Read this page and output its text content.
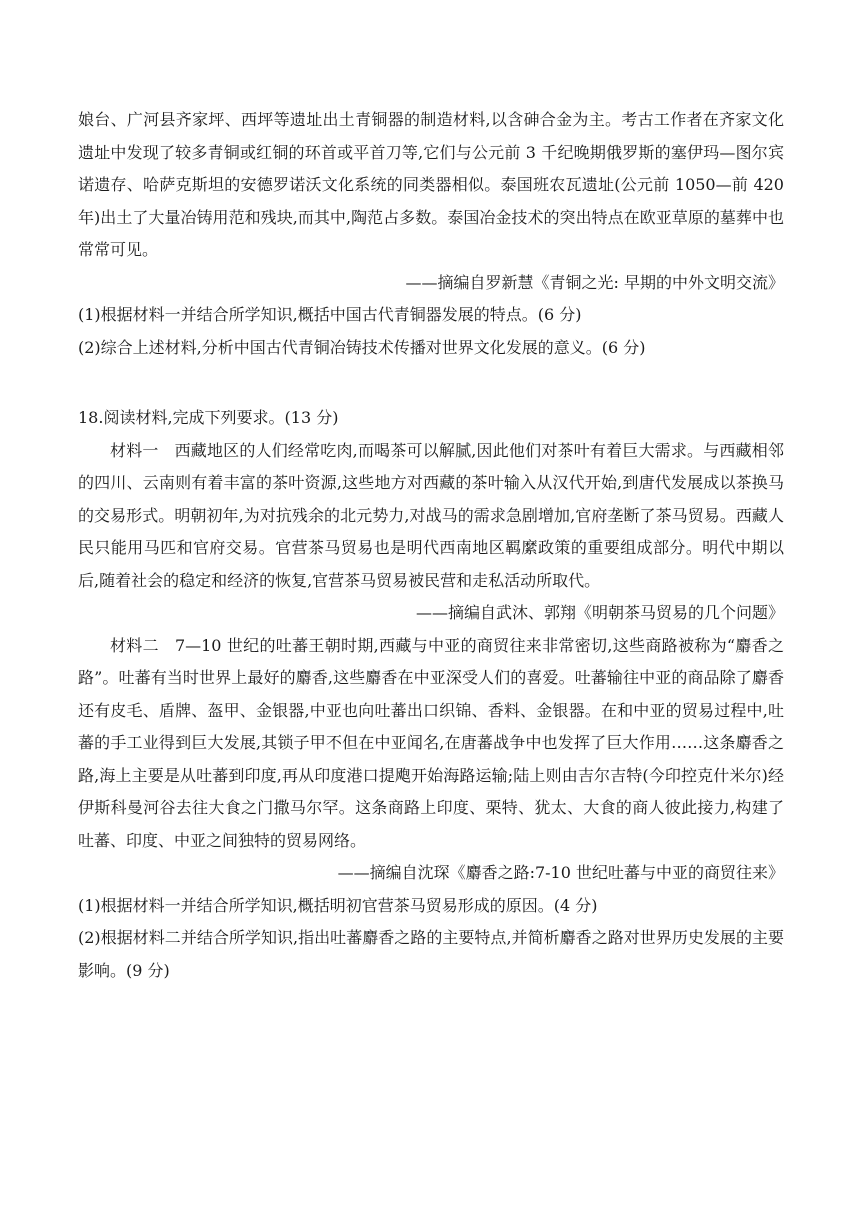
娘台、广河县齐家坪、西坪等遗址出土青铜器的制造材料,以含砷合金为主。考古工作者在齐家文化遗址中发现了较多青铜或红铜的环首或平首刀等,它们与公元前 3 千纪晚期俄罗斯的塞伊玛—图尔宾诺遗存、哈萨克斯坦的安德罗诺沃文化系统的同类器相似。泰国班农瓦遗址(公元前 1050—前 420 年)出土了大量冶铸用范和残块,而其中,陶范占多数。泰国冶金技术的突出特点在欧亚草原的墓葬中也常常可见。

——摘编自罗新慧《青铜之光: 早期的中外文明交流》

(1)根据材料一并结合所学知识,概括中国古代青铜器发展的特点。(6 分)

(2)综合上述材料,分析中国古代青铜冶铸技术传播对世界文化发展的意义。(6 分)

18.阅读材料,完成下列要求。(13 分)

材料一 西藏地区的人们经常吃肉,而喝茶可以解腻,因此他们对茶叶有着巨大需求。与西藏相邻的四川、云南则有着丰富的茶叶资源,这些地方对西藏的茶叶输入从汉代开始,到唐代发展成以茶换马的交易形式。明朝初年,为对抗残余的北元势力,对战马的需求急剧增加,官府垄断了茶马贸易。西藏人民只能用马匹和官府交易。官营茶马贸易也是明代西南地区羁縻政策的重要组成部分。明代中期以后,随着社会的稳定和经济的恢复,官营茶马贸易被民营和走私活动所取代。

——摘编自武沐、郭翔《明朝茶马贸易的几个问题》

材料二 7—10 世纪的吐蕃王朝时期,西藏与中亚的商贸往来非常密切,这些商路被称为“麝香之路”。吐蕃有当时世界上最好的麝香,这些麝香在中亚深受人们的喜爱。吐蕃输往中亚的商品除了麝香还有皮毛、盾牌、盔甲、金银器,中亚也向吐蕃出口织锦、香料、金银器。在和中亚的贸易过程中,吐蕃的手工业得到巨大发展,其锁子甲不但在中亚闻名,在唐蕃战争中也发挥了巨大作用……这条麝香之路,海上主要是从吐蕃到印度,再从印度港口提飑开始海路运输;陆上则由吉尔吉特(今印控克什米尔)经伊斯科曼河谷去往大食之门撒马尔罕。这条商路上印度、栗特、犹太、大食的商人彼此接力,构建了吐蕃、印度、中亚之间独特的贸易网络。

——摘编自沈琛《麝香之路:7-10 世纪吐蕃与中亚的商贸往来》

(1)根据材料一并结合所学知识,概括明初官营茶马贸易形成的原因。(4 分)

(2)根据材料二并结合所学知识,指出吐蕃麝香之路的主要特点,并简析麝香之路对世界历史发展的主要影响。(9 分)
